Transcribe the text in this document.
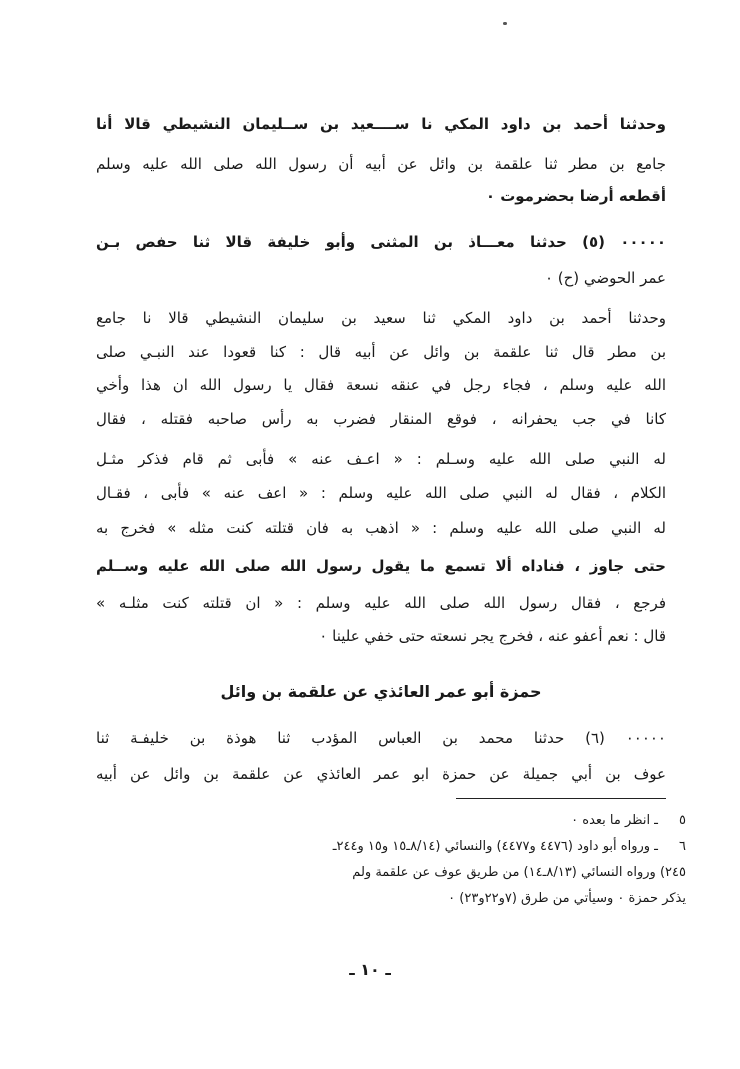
وحدثنا أحمد بن داود المكي نا ســــعيد بن ســليمان النشيطي قالا أنا
جامع بن مطر ثنا علقمة بن وائل عن أبيه أن رسول الله صلى الله عليه وسلم
أقطعه أرضا بحضرموت ٠
٠٠٠٠٠ (٥) حدثنا معـــاذ بن المثنى وأبو خليفة قالا ثنا حفص بـن
عمر الحوضي (ح) ٠
وحدثنا أحمد بن داود المكي ثنا سعيد بن سليمان النشيطي قالا نا جامع
بن مطر قال ثنا علقمة بن وائل عن أبيه قال : كنا قعودا عند النبـي صلى
الله عليه وسلم ، فجاء رجل في عنقه نسعة فقال يا رسول الله ان هذا وأخي
كانا في جب يحفرانه ، فوقع المنقار فضرب به رأس صاحبه فقتله ، فقال
له النبي صلى الله عليه وسـلم : « اعـف عنه » فأبى ثم قام فذكر مثـل
الكلام ، فقال له النبي صلى الله عليه وسلم : « اعف عنه » فأبى ، فقـال
له النبي صلى الله عليه وسلم : « اذهب به فان قتلته كنت مثله » فخرج به
حتى جاوز ، فناداه ألا تسمع ما يقول رسول الله صلى الله عليه وســلم
فرجع ، فقال رسول الله صلى الله عليه وسلم : « ان قتلته كنت مثلـه »
قال : نعم أعفو عنه ، فخرج يجر نسعته حتى خفي علينا ٠
حمزة أبو عمر العائذي عن علقمة بن وائل
٠٠٠٠٠ (٦) حدثنا محمد بن العباس المؤدب ثنا هوذة بن خليفـة ثنا
عوف بن أبي جميلة عن حمزة ابو عمر العائذي عن علقمة بن وائل عن أبيه
٥ـ انظر ما بعده ٠
٦ـ ورواه أبو داود (٤٤٧٦ و٤٤٧٧) والنسائي (٨/١٤ـ١٥ و١٥ و٢٤٤ـ
٢٤٥) ورواه النسائي (٨/١٣ـ١٤) من طريق عوف عن علقمة ولم
يذكر حمزة ٠ وسيأتي من طرق (٧و٢٢و٢٣) ٠
ـ ١٠ ـ
